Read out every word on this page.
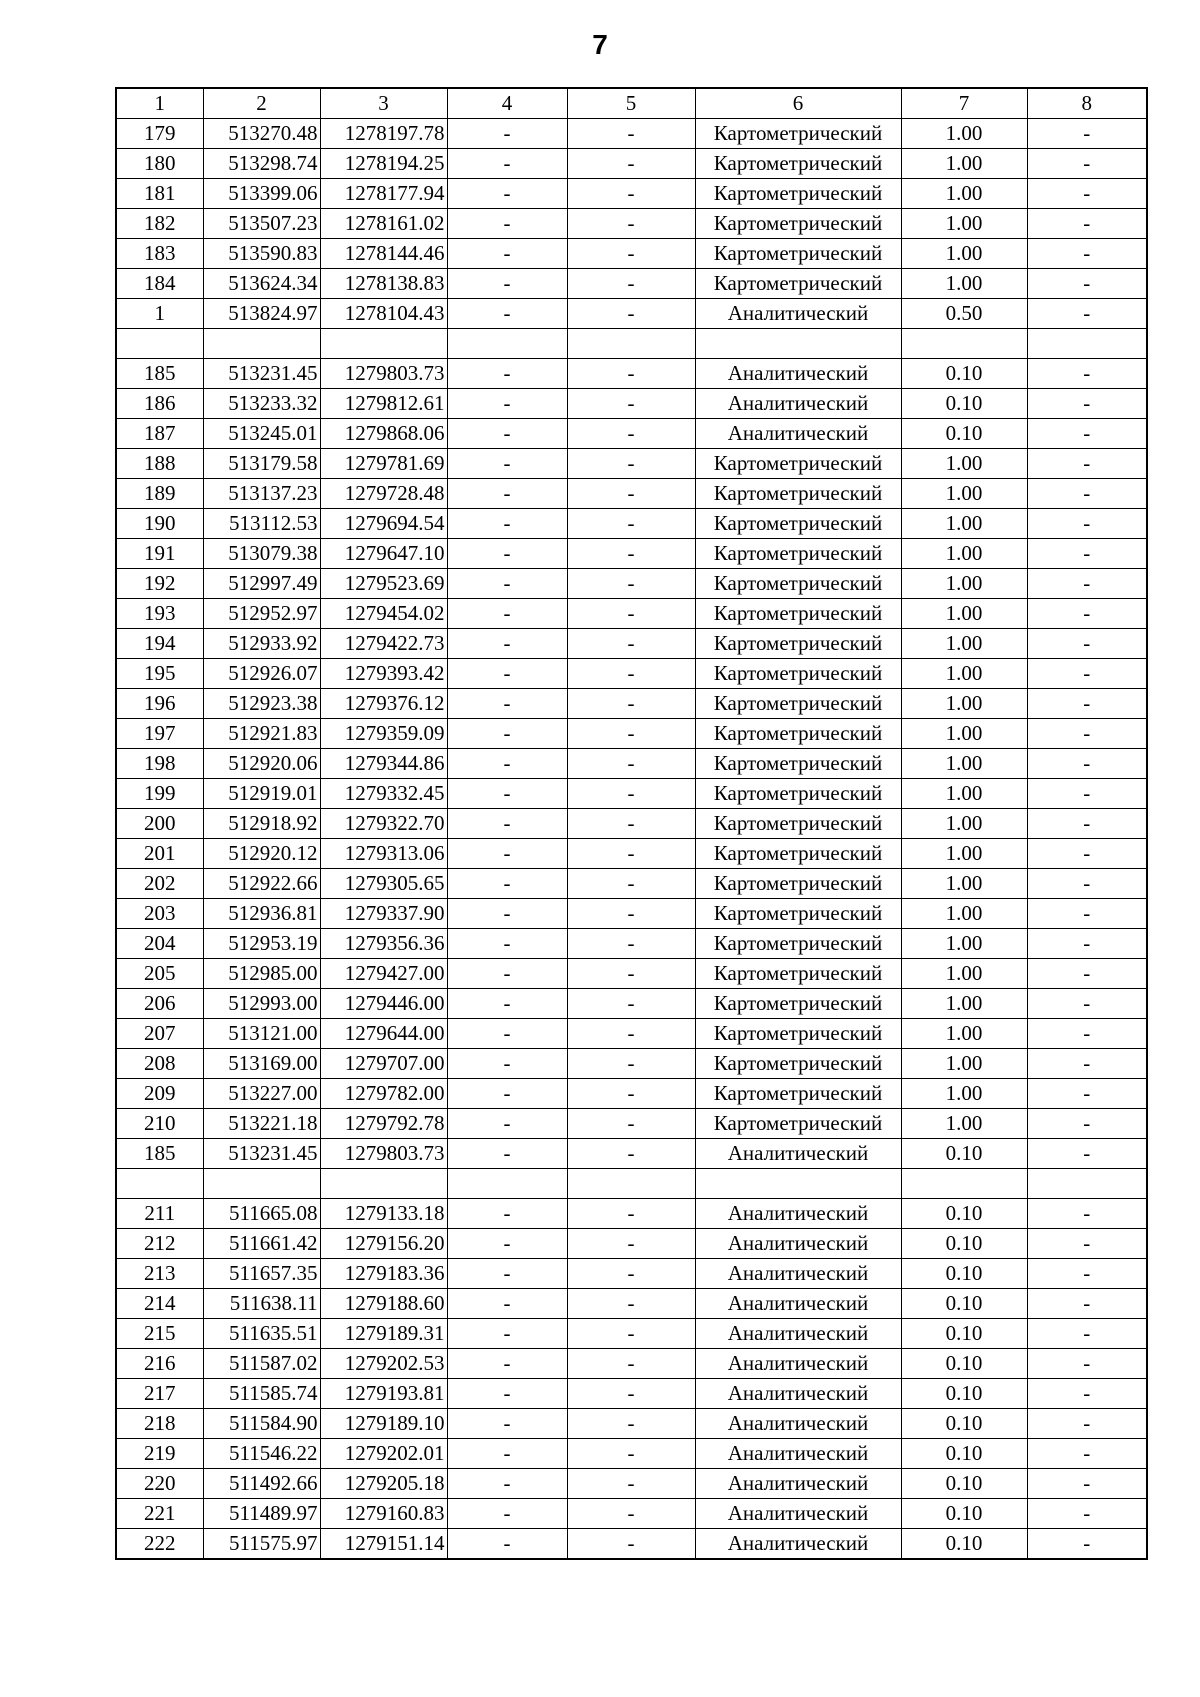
7
1	2	3	4	5	6	7	8
179	513270.48	1278197.78	-	-	Картометрический	1.00	-
180	513298.74	1278194.25	-	-	Картометрический	1.00	-
181	513399.06	1278177.94	-	-	Картометрический	1.00	-
182	513507.23	1278161.02	-	-	Картометрический	1.00	-
183	513590.83	1278144.46	-	-	Картометрический	1.00	-
184	513624.34	1278138.83	-	-	Картометрический	1.00	-
1	513824.97	1278104.43	-	-	Аналитический	0.50	-

185	513231.45	1279803.73	-	-	Аналитический	0.10	-
186	513233.32	1279812.61	-	-	Аналитический	0.10	-
187	513245.01	1279868.06	-	-	Аналитический	0.10	-
188	513179.58	1279781.69	-	-	Картометрический	1.00	-
189	513137.23	1279728.48	-	-	Картометрический	1.00	-
190	513112.53	1279694.54	-	-	Картометрический	1.00	-
191	513079.38	1279647.10	-	-	Картометрический	1.00	-
192	512997.49	1279523.69	-	-	Картометрический	1.00	-
193	512952.97	1279454.02	-	-	Картометрический	1.00	-
194	512933.92	1279422.73	-	-	Картометрический	1.00	-
195	512926.07	1279393.42	-	-	Картометрический	1.00	-
196	512923.38	1279376.12	-	-	Картометрический	1.00	-
197	512921.83	1279359.09	-	-	Картометрический	1.00	-
198	512920.06	1279344.86	-	-	Картометрический	1.00	-
199	512919.01	1279332.45	-	-	Картометрический	1.00	-
200	512918.92	1279322.70	-	-	Картометрический	1.00	-
201	512920.12	1279313.06	-	-	Картометрический	1.00	-
202	512922.66	1279305.65	-	-	Картометрический	1.00	-
203	512936.81	1279337.90	-	-	Картометрический	1.00	-
204	512953.19	1279356.36	-	-	Картометрический	1.00	-
205	512985.00	1279427.00	-	-	Картометрический	1.00	-
206	512993.00	1279446.00	-	-	Картометрический	1.00	-
207	513121.00	1279644.00	-	-	Картометрический	1.00	-
208	513169.00	1279707.00	-	-	Картометрический	1.00	-
209	513227.00	1279782.00	-	-	Картометрический	1.00	-
210	513221.18	1279792.78	-	-	Картометрический	1.00	-
185	513231.45	1279803.73	-	-	Аналитический	0.10	-

211	511665.08	1279133.18	-	-	Аналитический	0.10	-
212	511661.42	1279156.20	-	-	Аналитический	0.10	-
213	511657.35	1279183.36	-	-	Аналитический	0.10	-
214	511638.11	1279188.60	-	-	Аналитический	0.10	-
215	511635.51	1279189.31	-	-	Аналитический	0.10	-
216	511587.02	1279202.53	-	-	Аналитический	0.10	-
217	511585.74	1279193.81	-	-	Аналитический	0.10	-
218	511584.90	1279189.10	-	-	Аналитический	0.10	-
219	511546.22	1279202.01	-	-	Аналитический	0.10	-
220	511492.66	1279205.18	-	-	Аналитический	0.10	-
221	511489.97	1279160.83	-	-	Аналитический	0.10	-
222	511575.97	1279151.14	-	-	Аналитический	0.10	-
